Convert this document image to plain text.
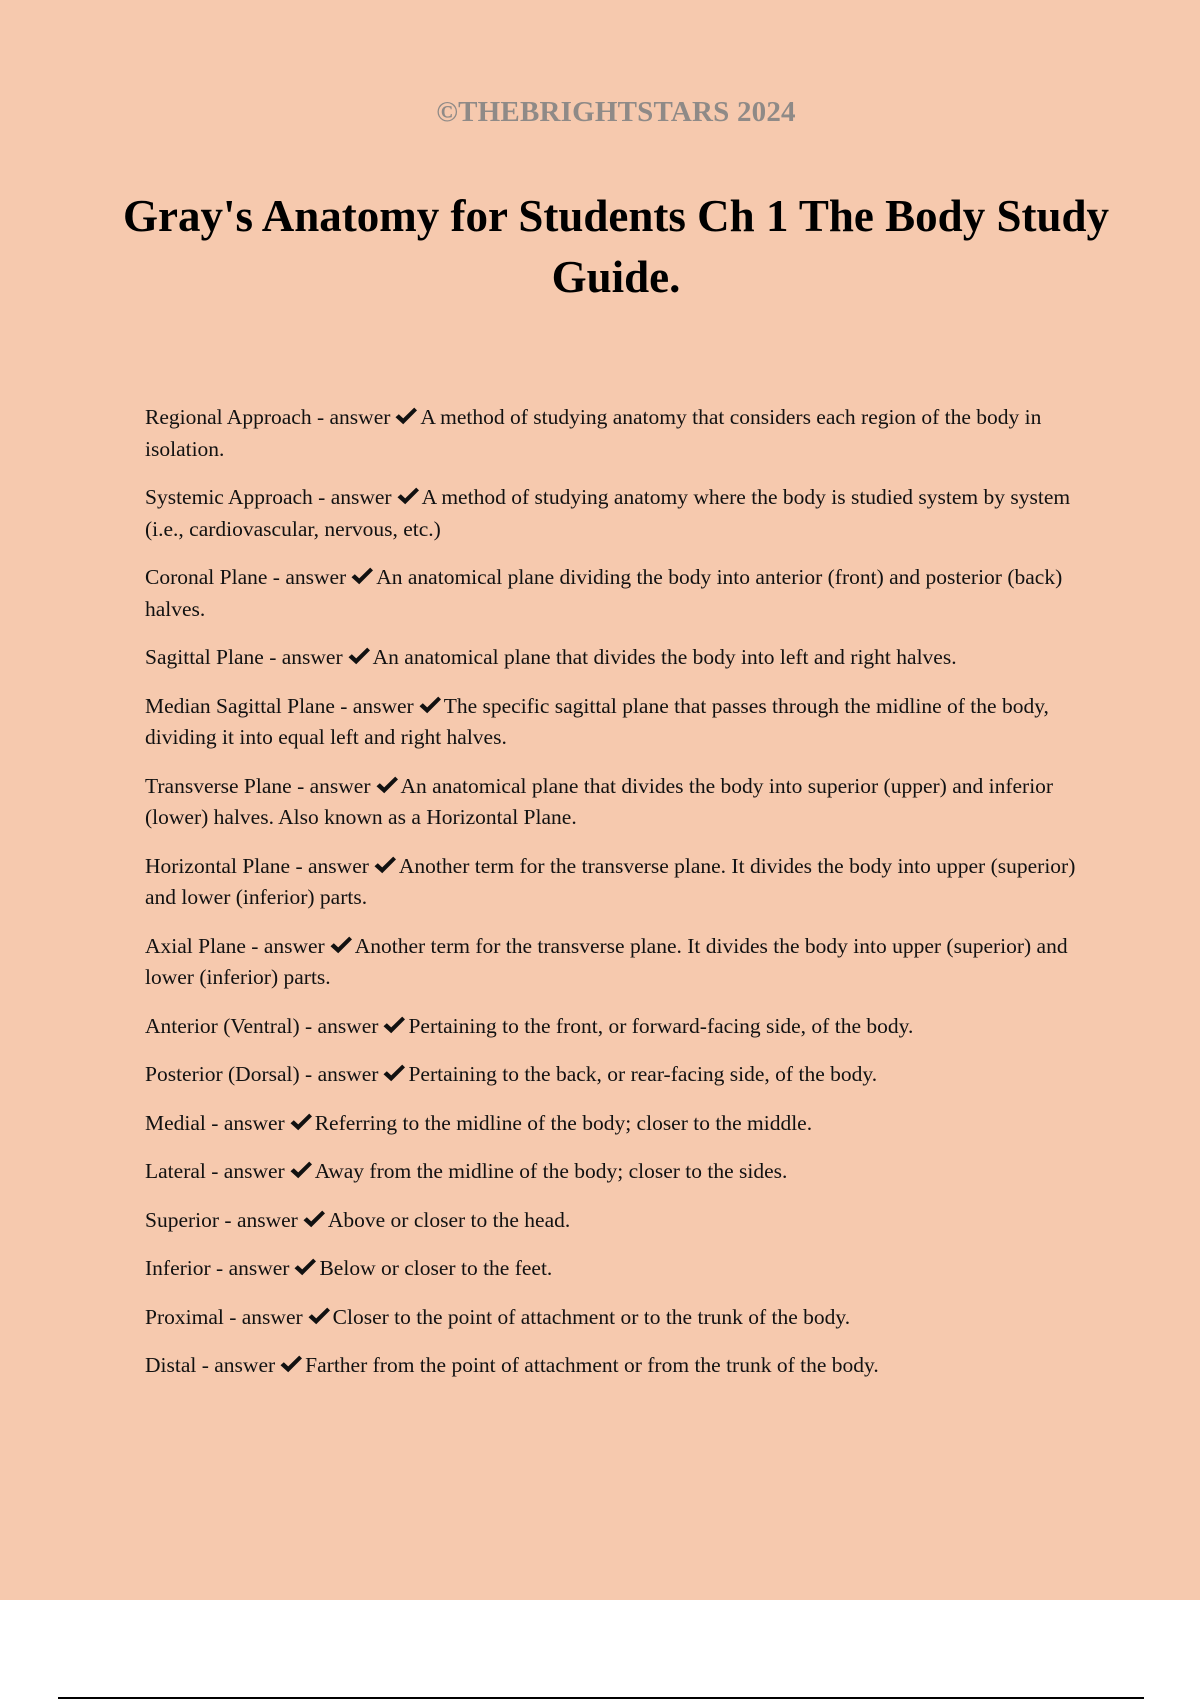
©THEBRIGHTSTARS 2024
Gray's Anatomy for Students Ch 1 The Body Study Guide.
Regional Approach - answer A method of studying anatomy that considers each region of the body in isolation.
Systemic Approach - answer A method of studying anatomy where the body is studied system by system (i.e., cardiovascular, nervous, etc.)
Coronal Plane - answer An anatomical plane dividing the body into anterior (front) and posterior (back) halves.
Sagittal Plane - answer An anatomical plane that divides the body into left and right halves.
Median Sagittal Plane - answer The specific sagittal plane that passes through the midline of the body, dividing it into equal left and right halves.
Transverse Plane - answer An anatomical plane that divides the body into superior (upper) and inferior (lower) halves. Also known as a Horizontal Plane.
Horizontal Plane - answer Another term for the transverse plane. It divides the body into upper (superior) and lower (inferior) parts.
Axial Plane - answer Another term for the transverse plane. It divides the body into upper (superior) and lower (inferior) parts.
Anterior (Ventral) - answer Pertaining to the front, or forward-facing side, of the body.
Posterior (Dorsal) - answer Pertaining to the back, or rear-facing side, of the body.
Medial - answer Referring to the midline of the body; closer to the middle.
Lateral - answer Away from the midline of the body; closer to the sides.
Superior - answer Above or closer to the head.
Inferior - answer Below or closer to the feet.
Proximal - answer Closer to the point of attachment or to the trunk of the body.
Distal - answer Farther from the point of attachment or from the trunk of the body.
